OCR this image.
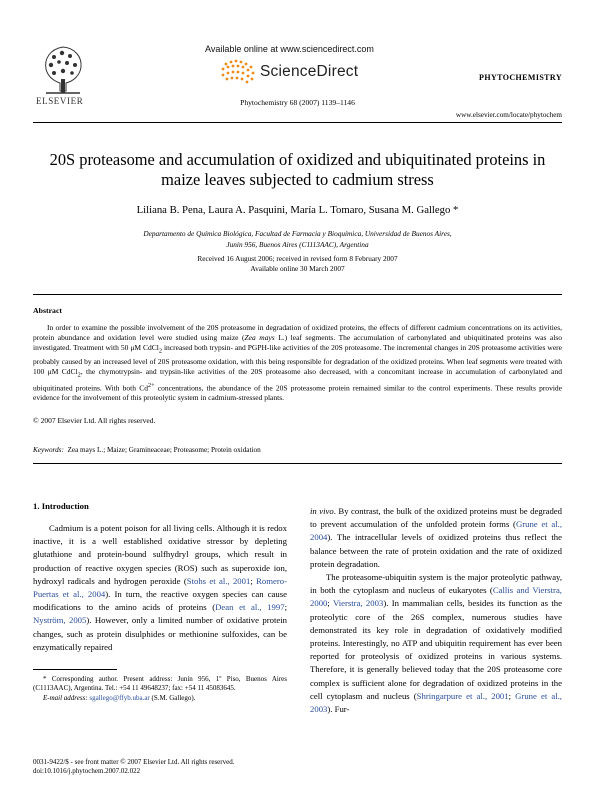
ELSEVIER
Available online at www.sciencedirect.com
ScienceDirect	PHYTOCHEMISTRY
Phytochemistry 68 (2007) 1139–1146
www.elsevier.com/locate/phytochem
20S proteasome and accumulation of oxidized and ubiquitinated proteins in maize leaves subjected to cadmium stress
Liliana B. Pena, Laura A. Pasquini, María L. Tomaro, Susana M. Gallego *
Departamento de Química Biológica, Facultad de Farmacia y Bioquímica, Universidad de Buenos Aires,
Junín 956, Buenos Aires (C1113AAC), Argentina
Received 16 August 2006; received in revised form 8 February 2007
Available online 30 March 2007
Abstract
In order to examine the possible involvement of the 20S proteasome in degradation of oxidized proteins, the effects of different cadmium concentrations on its activities, protein abundance and oxidation level were studied using maize (Zea mays L.) leaf segments. The accumulation of carbonylated and ubiquitinated proteins was also investigated. Treatment with 50 μM CdCl$_2$ increased both trypsin- and PGPH-like activities of the 20S proteasome. The incremental changes in 20S proteasome activities were probably caused by an increased level of 20S proteasome oxidation, with this being responsible for degradation of the oxidized proteins. When leaf segments were treated with 100 μM CdCl$_2$, the chymotrypsin- and trypsin-like activities of the 20S proteasome also decreased, with a concomitant increase in accumulation of carbonylated and ubiquitinated proteins. With both $Cd^{2+}$ concentrations, the abundance of the 20S proteasome protein remained similar to the control experiments. These results provide evidence for the involvement of this proteolytic system in cadmium-stressed plants.
© 2007 Elsevier Ltd. All rights reserved.
Keywords: Zea mays L.; Maize; Gramineaceae; Proteasome; Protein oxidation
1. Introduction

Cadmium is a potent poison for all living cells. Although it is redox inactive, it is a well established oxidative stressor by depleting glutathione and protein-bound sulfhydryl groups, which result in production of reactive oxygen species (ROS) such as superoxide ion, hydroxyl radicals and hydrogen peroxide (Stohs et al., 2001; Romero-Puertas et al., 2004). In turn, the reactive oxygen species can cause modifications to the amino acids of proteins (Dean et al., 1997; Nyström, 2005). However, only a limited number of oxidative protein changes, such as protein disulphides or methionine sulfoxides, can be enzymatically repaired

in vivo. By contrast, the bulk of the oxidized proteins must be degraded to prevent accumulation of the unfolded protein forms (Grune et al., 2004). The intracellular levels of oxidized proteins thus reflect the balance between the rate of protein oxidation and the rate of oxidized protein degradation.

The proteasome-ubiquitin system is the major proteolytic pathway, in both the cytoplasm and nucleus of eukaryotes (Callis and Vierstra, 2000; Vierstra, 2003). In mammalian cells, besides its function as the proteolytic core of the 26S complex, numerous studies have demonstrated its key role in degradation of oxidatively modified proteins. Interestingly, no ATP and ubiquitin requirement has ever been reported for proteolysis of oxidized proteins in various systems. Therefore, it is generally believed today that the 20S proteasome core complex is sufficient alone for degradation of oxidized proteins in the cell cytoplasm and nucleus (Shringarpure et al., 2001; Grune et al., 2003). Fur-

* Corresponding author. Present address: Junín 956, 1º Piso, Buenos Aires (C1113AAC), Argentina. Tel.: +54 11 49648237; fax: +54 11 45083645.

E-mail address: sgallego@ffyb.uba.ar (S.M. Gallego).

0031-9422/$ - see front matter © 2007 Elsevier Ltd. All rights reserved.
doi:10.1016/j.phytochem.2007.02.022
